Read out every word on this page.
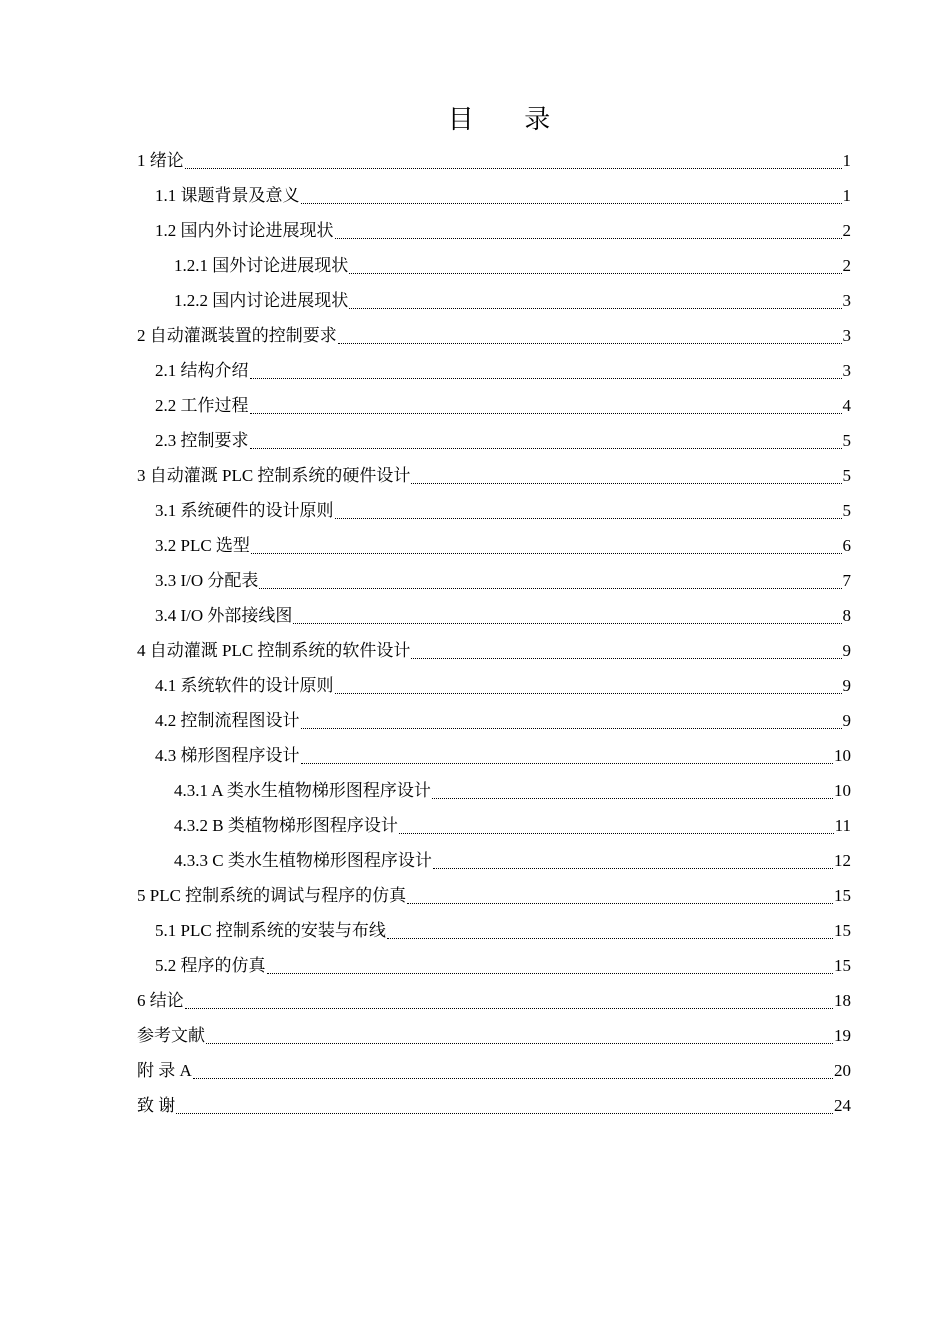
目 录
1 绪论	1
1.1 课题背景及意义	1
1.2 国内外讨论进展现状	2
1.2.1 国外讨论进展现状	2
1.2.2 国内讨论进展现状	3
2 自动灌溉装置的控制要求	3
2.1 结构介绍	3
2.2 工作过程	4
2.3 控制要求	5
3 自动灌溉 PLC 控制系统的硬件设计	5
3.1 系统硬件的设计原则	5
3.2 PLC 选型	6
3.3 I/O 分配表	7
3.4 I/O 外部接线图	8
4 自动灌溉 PLC 控制系统的软件设计	9
4.1 系统软件的设计原则	9
4.2 控制流程图设计	9
4.3 梯形图程序设计	10
4.3.1 A 类水生植物梯形图程序设计	10
4.3.2 B 类植物梯形图程序设计	11
4.3.3 C 类水生植物梯形图程序设计	12
5 PLC 控制系统的调试与程序的仿真	15
5.1 PLC 控制系统的安装与布线	15
5.2 程序的仿真	15
6 结论	18
参考文献	19
附 录 A	20
致 谢	24
